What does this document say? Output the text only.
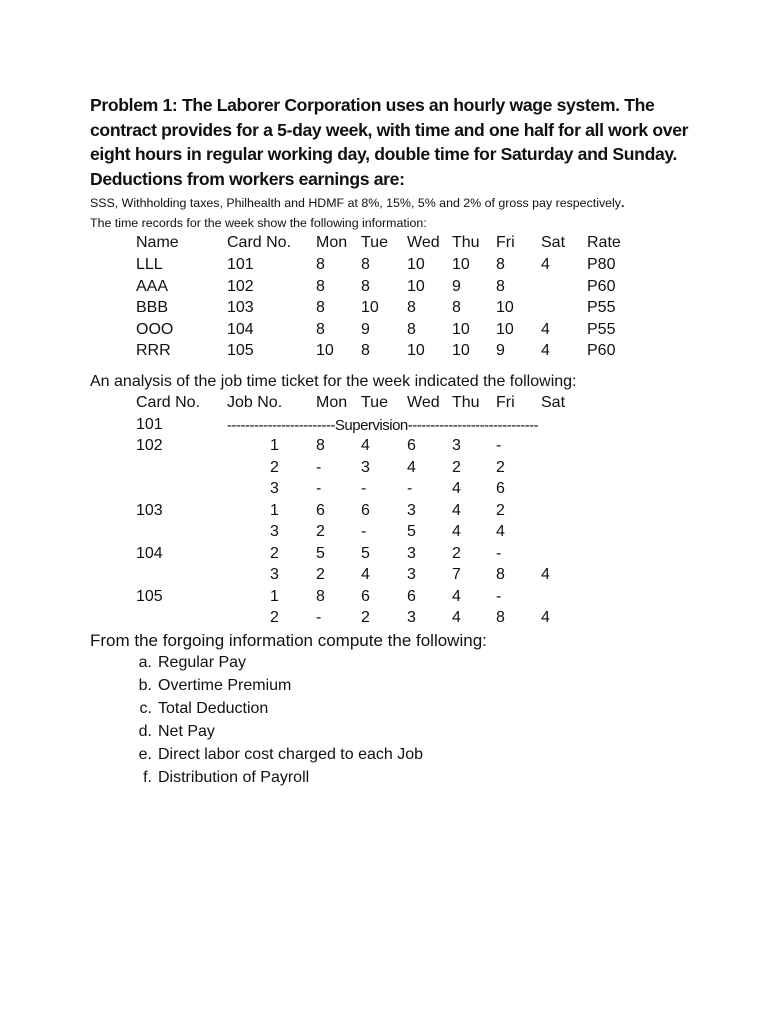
Problem 1: The Laborer Corporation uses an hourly wage system. The contract provides for a 5-day week, with time and one half for all work over eight hours in regular working day, double time for Saturday and Sunday. Deductions from workers earnings are:
SSS, Withholding taxes, Philhealth and HDMF at 8%, 15%, 5% and 2% of gross pay respectively.
The time records for the week show the following information:
Name	Card No. Mon Tue Wed Thu Fri Sat Rate
LLL	101	8 8 10 10 8 4 P80
AAA	102	8 8 10 9 8	P60
BBB	103	8 10 8 8 10	P55
OOO	104	8 9 8 10 10 4 P55
RRR	105	10 8 10 10 9 4 P60
An analysis of the job time ticket for the week indicated the following:
Card No. Job No. Mon Tue Wed Thu Fri Sat
101	------------------------Supervision-----------------------------
102	1 8 4 6 3 -
2 - 3 4 2 2
3 - -	- 4 6
103	1 6 6 3 4 2
3 2 -	5 4 4
104	2 5 5 3 2 -
3 2 4 3 7 8 4
105	1 8 6 6 4 -
2 - 2 3 4 8 4
From the forgoing information compute the following:
a. Regular Pay
b. Overtime Premium
c. Total Deduction
d. Net Pay
e. Direct labor cost charged to each Job
f. Distribution of Payroll
